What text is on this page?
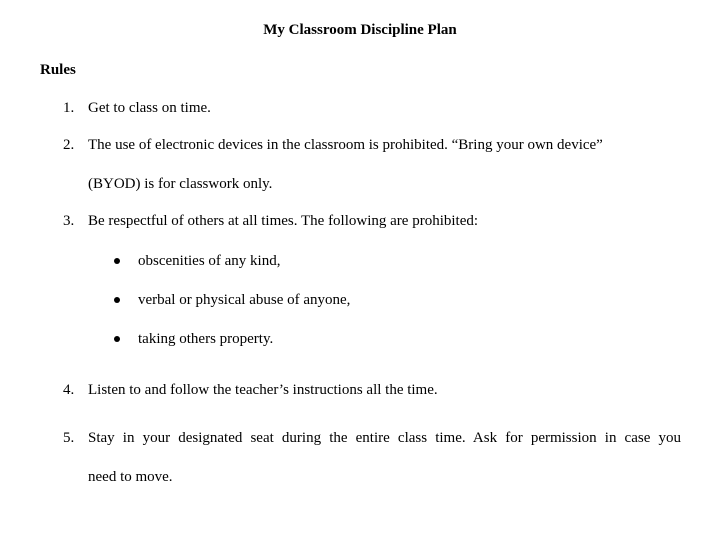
My Classroom Discipline Plan
Rules
1. Get to class on time.
2. The use of electronic devices in the classroom is prohibited. “Bring your own device”
(BYOD) is for classwork only.
3. Be respectful of others at all times. The following are prohibited:
obscenities of any kind,
verbal or physical abuse of anyone,
taking others property.
4. Listen to and follow the teacher’s instructions all the time.
5. Stay in your designated seat during the entire class time. Ask for permission in case you
need to move.
